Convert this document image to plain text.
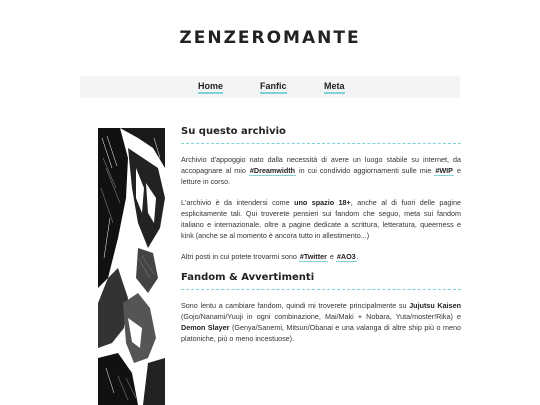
ZENZEROMANTE
Home	Fanfic	Meta
Su questo archivio

Archivio d'appoggio nato dalla necessità di avere un luogo stabile su internet, da accopagnare al mio #Dreamwidth in cui condivido aggiornamenti sulle mie #WIP e letture in corso.

L'archivio è da intendersi come uno spazio 18+, anche al di fuori delle pagine esplicitamente tali. Qui troverete pensieri sui fandom che seguo, meta sui fandom italiano e internazionale, oltre a pagine dedicate a scrittura, letteratura, queerness e kink (anche se al momento è ancora tutto in allestimento...)

Altri posti in cui potete trovarmi sono #Twitter e #AO3.

Fandom & Avvertimenti

Sono lentu a cambiare fandom, quindi mi troverete principalmente su Jujutsu Kaisen (Gojo/Nanami/Yuuji in ogni combinazione, Mai/Maki + Nobara, Yuta/moster!Rika) e Demon Slayer (Genya/Sanemi, Mitsuri/Obanai e una valanga di altre ship più o meno platoniche, più o meno incestuose).
